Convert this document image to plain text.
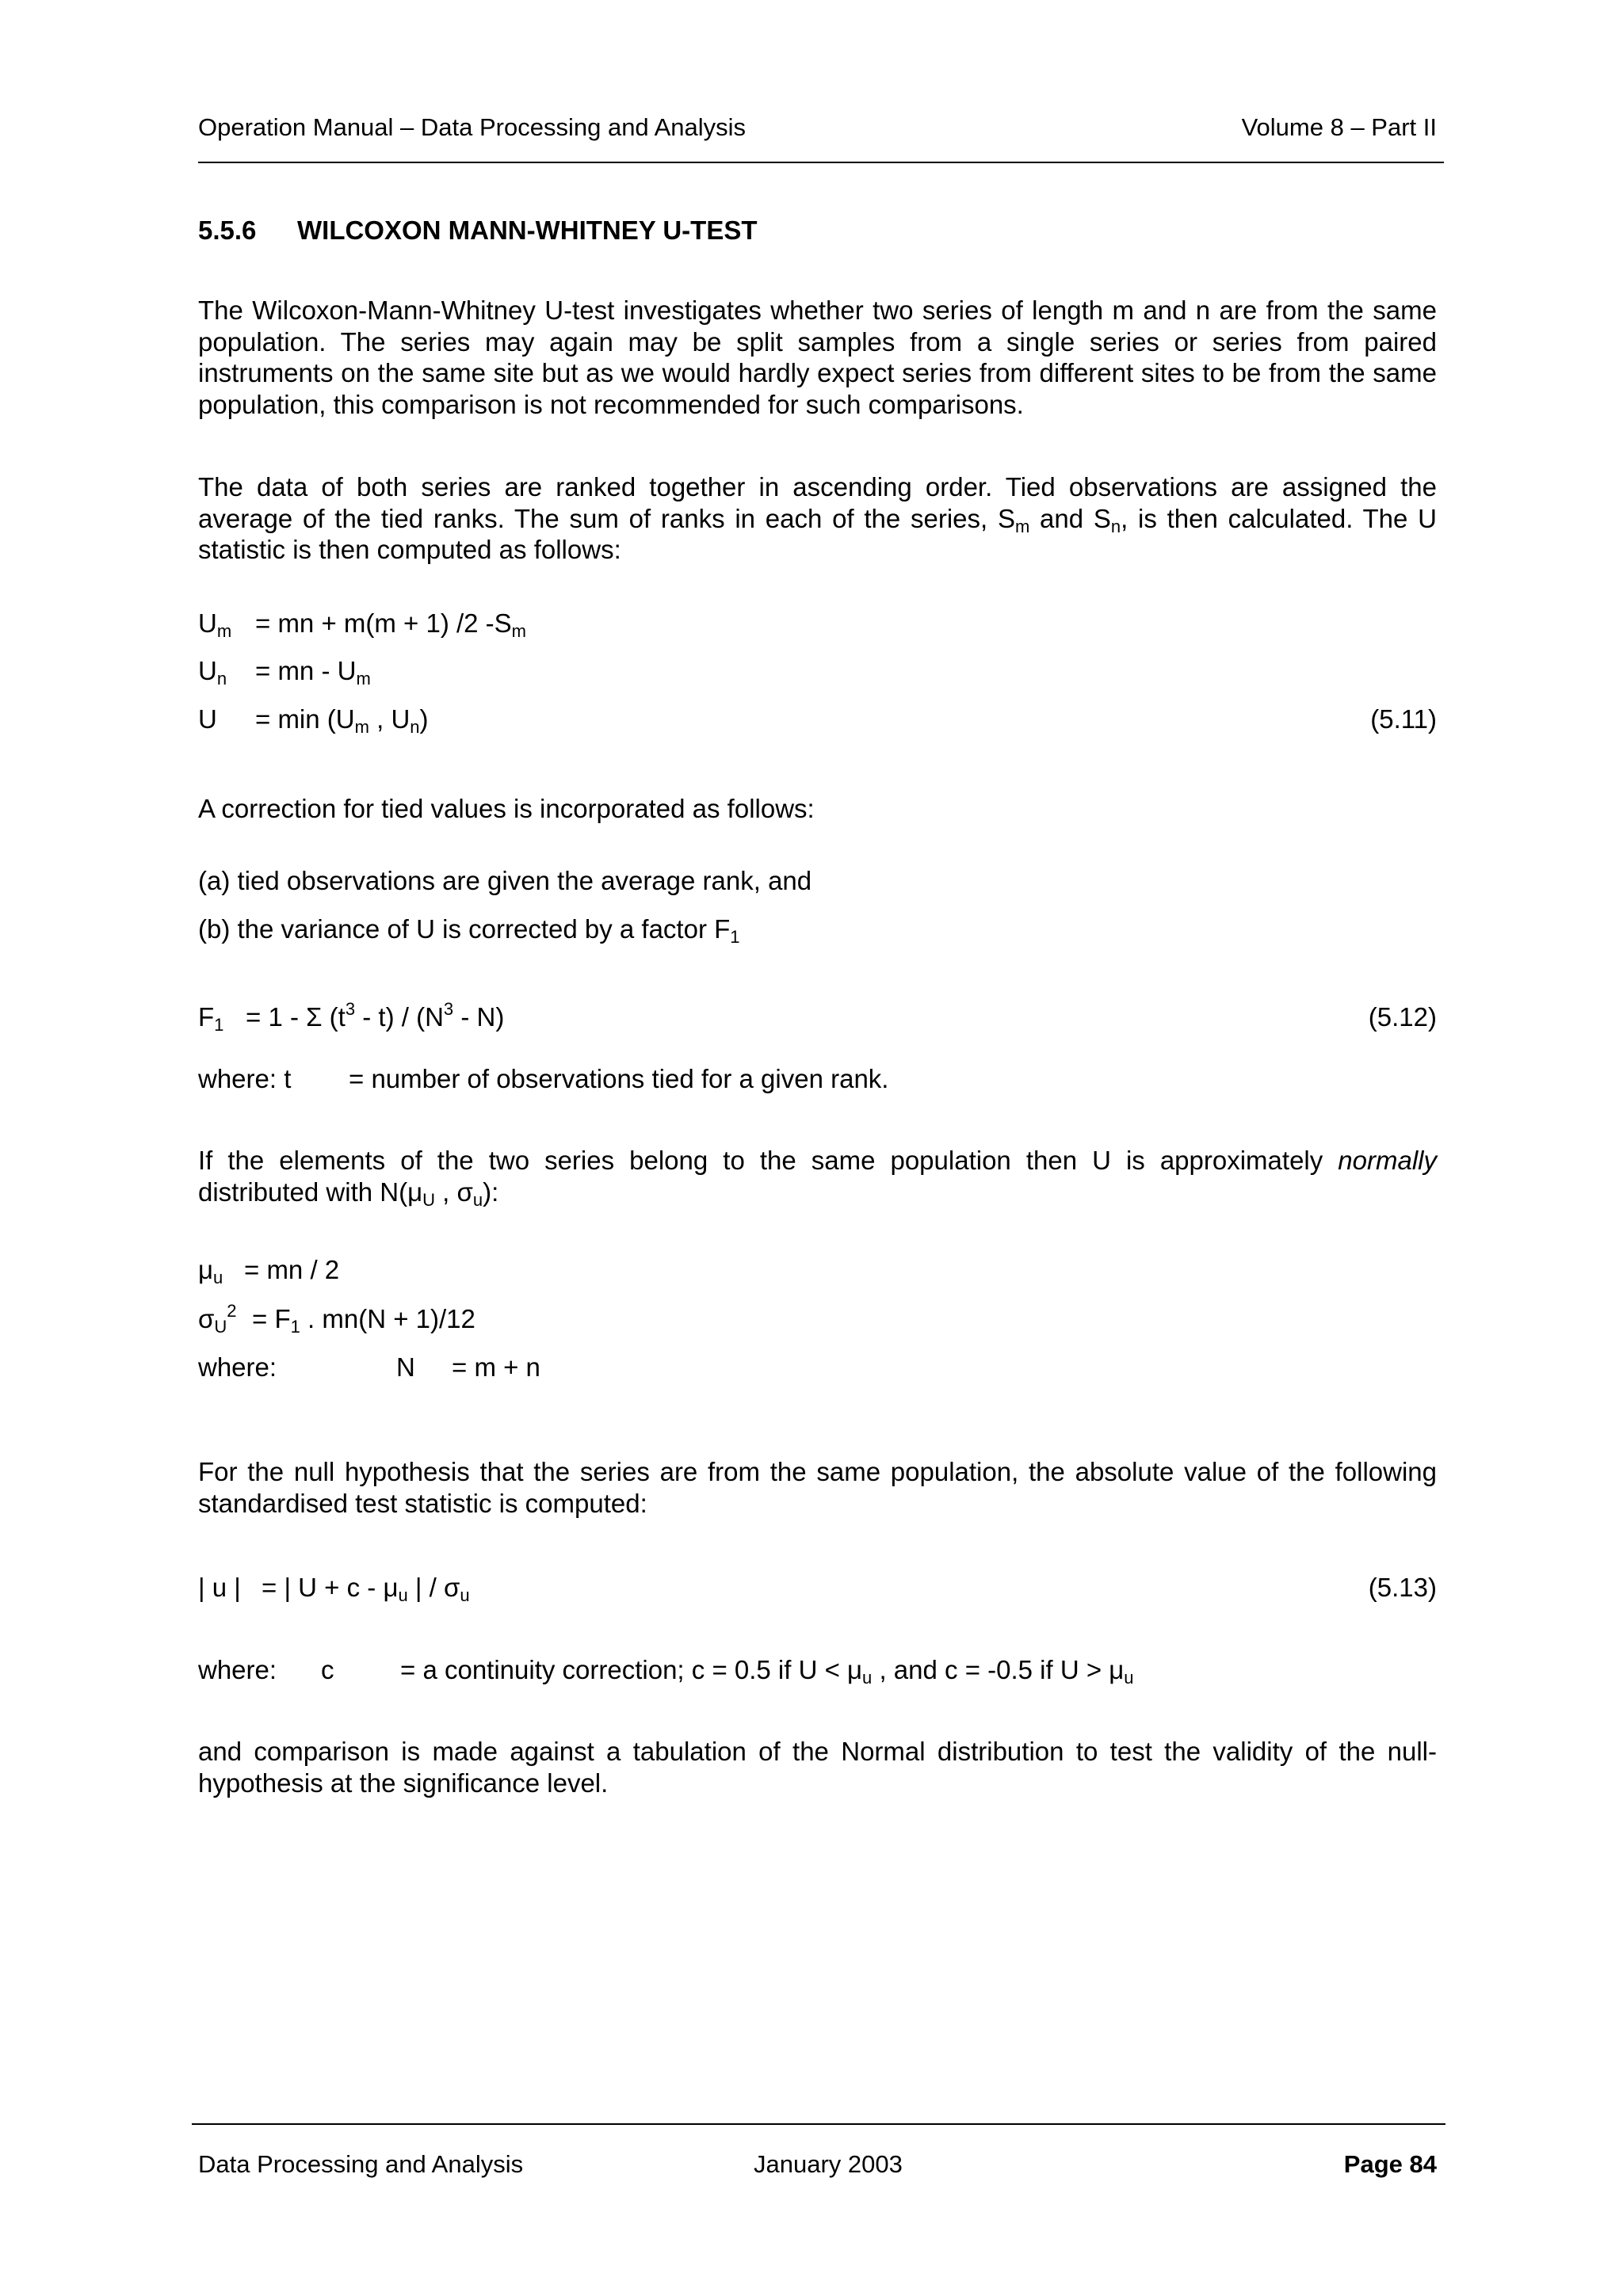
Operation Manual – Data Processing and Analysis	Volume 8 – Part II
5.5.6 WILCOXON MANN-WHITNEY U-TEST
The Wilcoxon-Mann-Whitney U-test investigates whether two series of length m and n are from the same population. The series may again may be split samples from a single series or series from paired instruments on the same site but as we would hardly expect series from different sites to be from the same population, this comparison is not recommended for such comparisons.
The data of both series are ranked together in ascending order. Tied observations are assigned the average of the tied ranks. The sum of ranks in each of the series, $S_m$ and $S_n$, is then calculated. The U statistic is then computed as follows:
$U_m$ = mn + m(m + 1) /2 $-S_m$
$U_n$ = mn - $U_m$
$U = \min (U_m$ , $U_n$)	(5.11)
A correction for tied values is incorporated as follows:
(a) tied observations are given the average rank, and
(b) the variance of U is corrected by a factor $F_1$
$F_1 = 1 - \Sigma$ $(t^3 - t) / (N^3 - N)$	(5.12)
where: t = number of observations tied for a given rank.
If the elements of the two series belong to the same population then U is approximately normally distributed with $N(\mu_U$ , $\sigma_u$):
$\mu_u$ = mn / 2
$\sigma_U^2 = F_1$ . mn(N + 1)/12
where:	N = m + n
For the null hypothesis that the series are from the same population, the absolute value of the following standardised test statistic is computed:
| u | = | $U + c - \mu_u$ | / $\sigma_u$	(5.13)
where: c	= a continuity correction; c = 0.5 if $U < \mu_u$ , and c = -0.5 if $U > \mu_u$
and comparison is made against a tabulation of the Normal distribution to test the validity of the null-hypothesis at the significance level.
Data Processing and Analysis	January 2003	Page 84
